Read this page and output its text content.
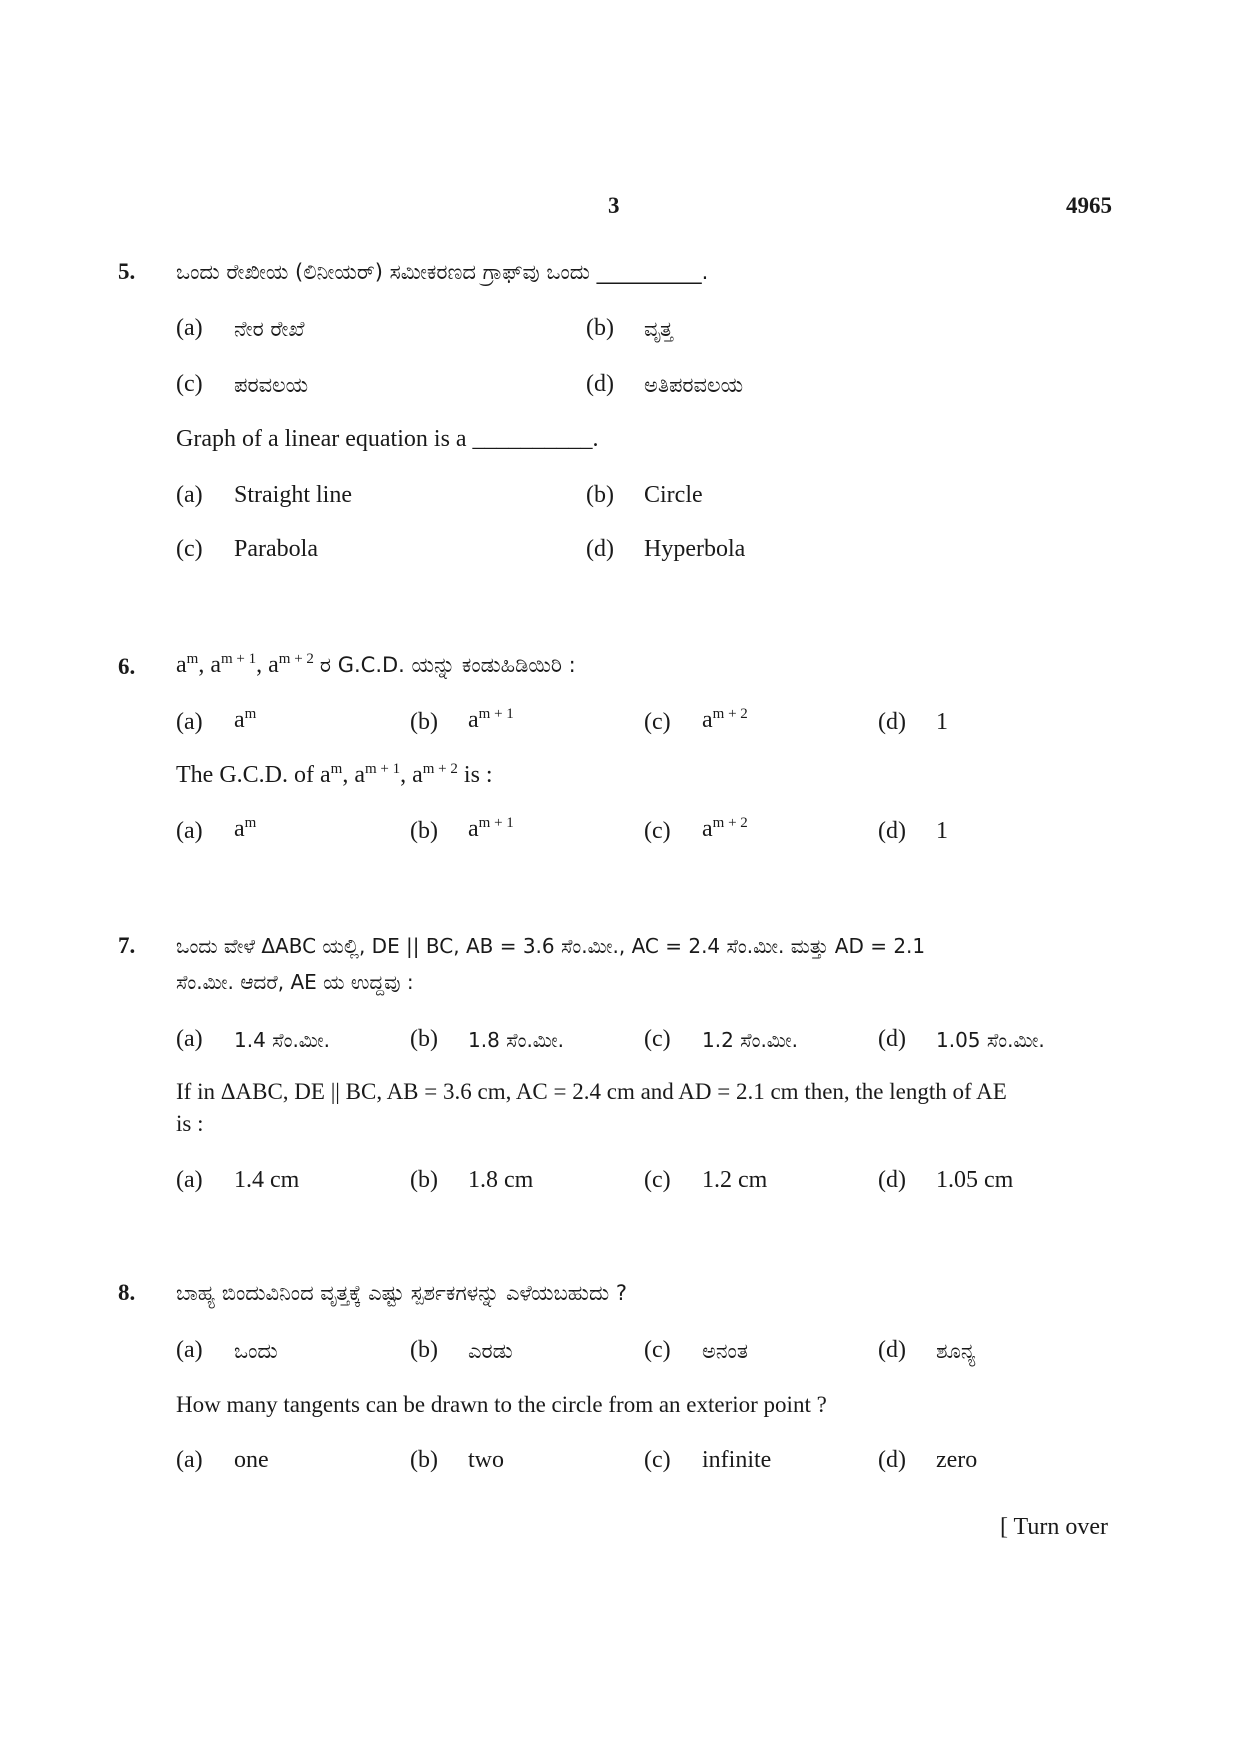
3	4965
5. ಒಂದು ರೇಖೀಯ (ಲಿನೀಯರ್) ಸಮೀಕರಣದ ಗ್ರಾಫ್‌ವು ಒಂದು __________.
(a) ನೇರ ರೇಖೆ	(b) ವೃತ್ತ
(c) ಪರವಲಯ	(d) ಅತಿಪರವಲಯ
Graph of a linear equation is a __________.
(a) Straight line	(b) Circle
(c) Parabola	(d) Hyperbola
6. $a^m$, $a^{m + 1}$, $a^{m + 2}$ ರ G.C.D. ಯನ್ನು ಕಂಡುಹಿಡಿಯಿರಿ :
(a) $a^m$	(b) $a^{m + 1}$	(c) $a^{m + 2}$	(d) 1
The G.C.D. of $a^m$, $a^{m + 1}$, $a^{m + 2}$ is :
(a) $a^m$	(b) $a^{m + 1}$	(c) $a^{m + 2}$	(d) 1
7. ಒಂದು ವೇಳೆ ΔABC ಯಲ್ಲಿ, DE || BC, AB = 3.6 ಸೆಂ.ಮೀ., AC = 2.4 ಸೆಂ.ಮೀ. ಮತ್ತು AD = 2.1
ಸೆಂ.ಮೀ. ಆದರೆ, AE ಯ ಉದ್ದವು :
(a) 1.4 ಸೆಂ.ಮೀ.	(b) 1.8 ಸೆಂ.ಮೀ.	(c) 1.2 ಸೆಂ.ಮೀ.	(d) 1.05 ಸೆಂ.ಮೀ.
If in ΔABC, DE || BC, AB = 3.6 cm, AC = 2.4 cm and AD = 2.1 cm then, the length of AE
is :
(a) 1.4 cm	(b) 1.8 cm	(c) 1.2 cm	(d) 1.05 cm
8. ಬಾಹ್ಯ ಬಿಂದುವಿನಿಂದ ವೃತ್ತಕ್ಕೆ ಎಷ್ಟು ಸ್ಪರ್ಶಕಗಳನ್ನು ಎಳೆಯಬಹುದು ?
(a) ಒಂದು	(b) ಎರಡು	(c) ಅನಂತ	(d) ಶೂನ್ಯ
How many tangents can be drawn to the circle from an exterior point ?
(a) one	(b) two	(c) infinite	(d) zero
[ Turn over
